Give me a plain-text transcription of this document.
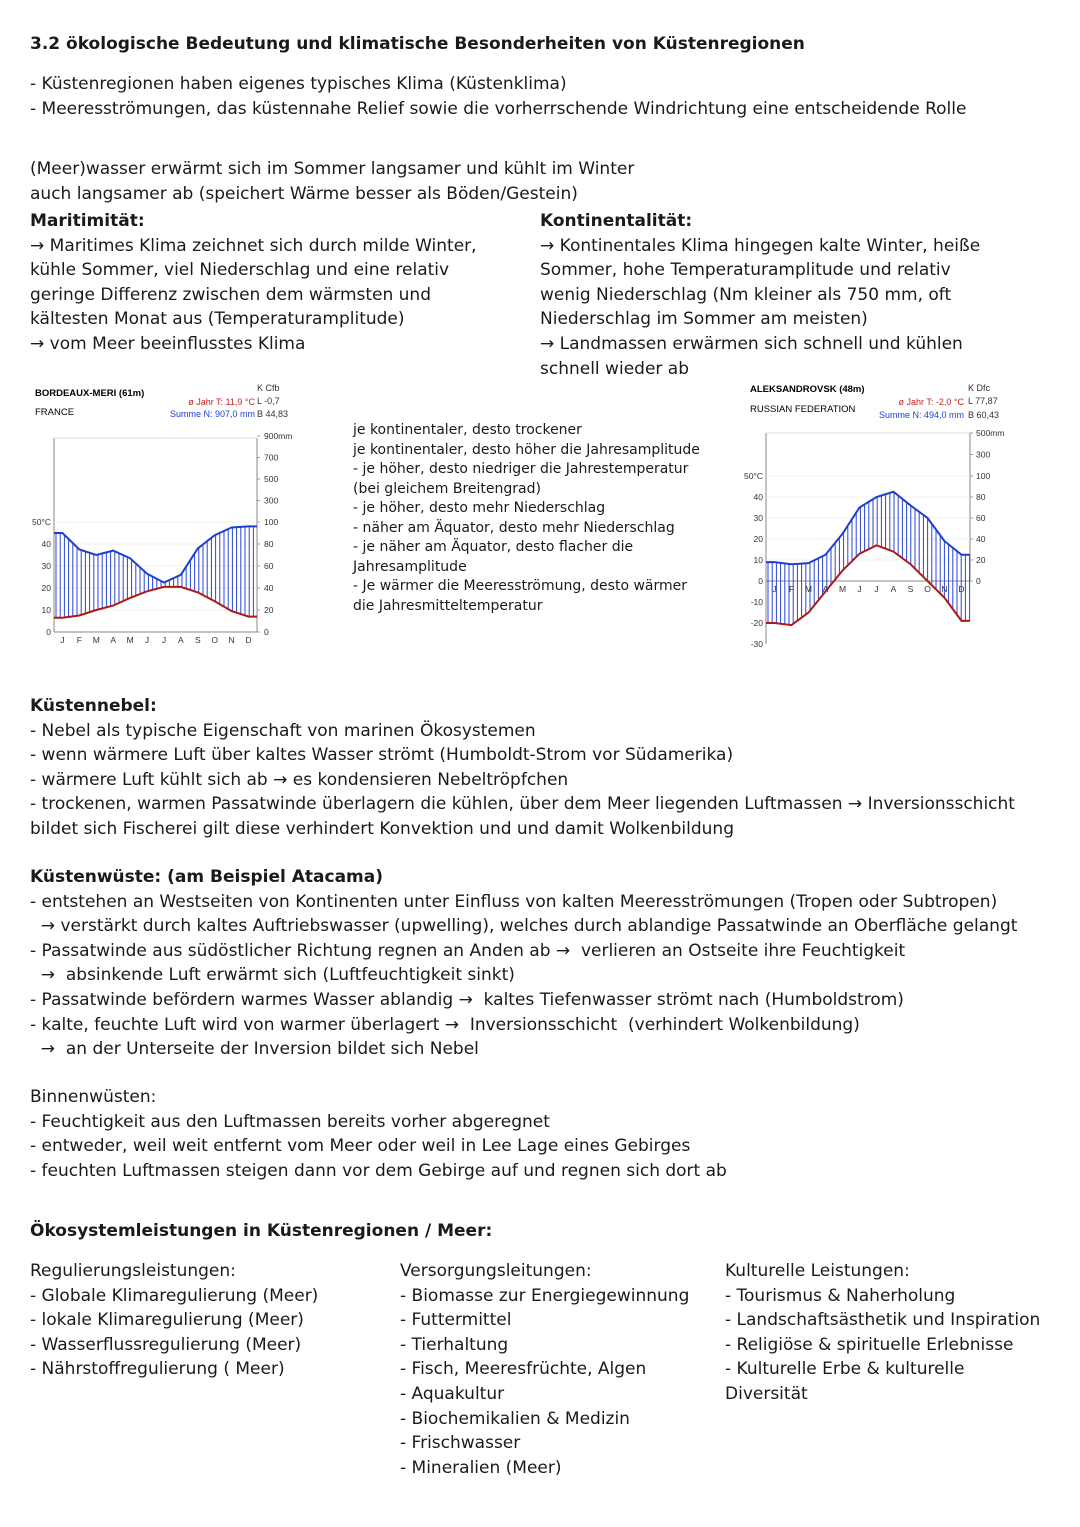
3.2 ökologische Bedeutung und klimatische Besonderheiten von Küstenregionen
- Küstenregionen haben eigenes typisches Klima (Küstenklima)
- Meeresströmungen, das küstennahe Relief sowie die vorherrschende Windrichtung eine entscheidende Rolle
(Meer)wasser erwärmt sich im Sommer langsamer und kühlt im Winter
auch langsamer ab (speichert Wärme besser als Böden/Gestein)
Maritimität:
→ Maritimes Klima zeichnet sich durch milde Winter,
kühle Sommer, viel Niederschlag und eine relativ
geringe Differenz zwischen dem wärmsten und
kältesten Monat aus (Temperaturamplitude)
→ vom Meer beeinflusstes Klima
Kontinentalität:
→ Kontinentales Klima hingegen kalte Winter, heiße
Sommer, hohe Temperaturamplitude und relativ
wenig Niederschlag (Nm kleiner als 750 mm, oft
Niederschlag im Sommer am meisten)
→ Landmassen erwärmen sich schnell und kühlen
schnell wieder ab
BORDEAUX-MERI (61m)
FRANCE
K Cfb
L -0,7
B 44,83
ø Jahr T: 11,9 °C
Summe N: 907,0 mm
J F M A M J J A S O N D
50°C
40
30
20
10
0
900mm
700
500
300
100
80
60
40
20
0
je kontinentaler, desto trockener
je kontinentaler, desto höher die Jahresamplitude
- je höher, desto niedriger die Jahrestemperatur
(bei gleichem Breitengrad)
- je höher, desto mehr Niederschlag
- näher am Äquator, desto mehr Niederschlag
- je näher am Äquator, desto flacher die
Jahresamplitude
- Je wärmer die Meeresströmung, desto wärmer
die Jahresmitteltemperatur
ALEKSANDROVSK (48m)
RUSSIAN FEDERATION
K Dfc
L 77,87
B 60,43
ø Jahr T: -2,0 °C
Summe N: 494,0 mm
J F M A M J J A S O N D
50°C
40
30
20
10
0
-10
-20
-30
500mm
300
100
80
60
40
20
0
Küstennebel:
- Nebel als typische Eigenschaft von marinen Ökosystemen
- wenn wärmere Luft über kaltes Wasser strömt (Humboldt-Strom vor Südamerika)
- wärmere Luft kühlt sich ab → es kondensieren Nebeltröpfchen
- trockenen, warmen Passatwinde überlagern die kühlen, über dem Meer liegenden Luftmassen → Inversionsschicht
bildet sich Fischerei gilt diese verhindert Konvektion und und damit Wolkenbildung
Küstenwüste: (am Beispiel Atacama)
- entstehen an Westseiten von Kontinenten unter Einfluss von kalten Meeresströmungen (Tropen oder Subtropen)
→ verstärkt durch kaltes Auftriebswasser (upwelling), welches durch ablandige Passatwinde an Oberfläche gelangt
- Passatwinde aus südöstlicher Richtung regnen an Anden ab →  verlieren an Ostseite ihre Feuchtigkeit
→  absinkende Luft erwärmt sich (Luftfeuchtigkeit sinkt)
- Passatwinde befördern warmes Wasser ablandig →  kaltes Tiefenwasser strömt nach (Humboldstrom)
- kalte, feuchte Luft wird von warmer überlagert →  Inversionsschicht  (verhindert Wolkenbildung)
→  an der Unterseite der Inversion bildet sich Nebel
Binnenwüsten:
- Feuchtigkeit aus den Luftmassen bereits vorher abgeregnet
- entweder, weil weit entfernt vom Meer oder weil in Lee Lage eines Gebirges
- feuchten Luftmassen steigen dann vor dem Gebirge auf und regnen sich dort ab
Ökosystemleistungen in Küstenregionen / Meer:
Regulierungsleistungen:
- Globale Klimaregulierung (Meer)
- lokale Klimaregulierung (Meer)
- Wasserflussregulierung (Meer)
- Nährstoffregulierung ( Meer)
Versorgungsleitungen:
- Biomasse zur Energiegewinnung
- Futtermittel
- Tierhaltung
- Fisch, Meeresfrüchte, Algen
- Aquakultur
- Biochemikalien & Medizin
- Frischwasser
- Mineralien (Meer)
Kulturelle Leistungen:
- Tourismus & Naherholung
- Landschaftsästhetik und Inspiration
- Religiöse & spirituelle Erlebnisse
- Kulturelle Erbe & kulturelle
Diversität
